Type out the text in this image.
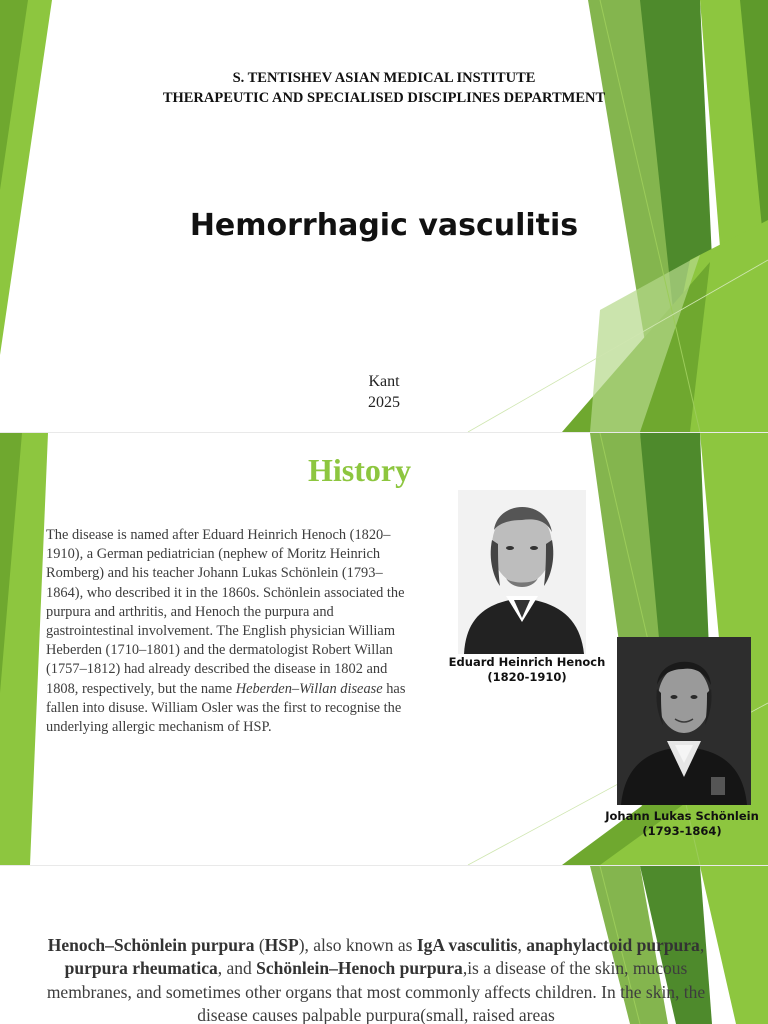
S. TENTISHEV ASIAN MEDICAL INSTITUTE
THERAPEUTIC AND SPECIALISED DISCIPLINES DEPARTMENT
Hemorrhagic vasculitis
Kant
2025
History
The disease is named after Eduard Heinrich Henoch (1820–1910), a German pediatrician (nephew of Moritz Heinrich Romberg) and his teacher Johann Lukas Schönlein (1793–1864), who described it in the 1860s. Schönlein associated the purpura and arthritis, and Henoch the purpura and gastrointestinal involvement. The English physician William Heberden (1710–1801) and the dermatologist Robert Willan (1757–1812) had already described the disease in 1802 and 1808, respectively, but the name Heberden–Willan disease has fallen into disuse. William Osler was the first to recognise the underlying allergic mechanism of HSP.
Eduard Heinrich Henoch
(1820-1910)
Johann Lukas Schönlein
(1793-1864)
Henoch–Schönlein purpura (HSP), also known as IgA vasculitis, anaphylactoid purpura, purpura rheumatica, and Schönlein–Henoch purpura,is a disease of the skin, mucous membranes, and sometimes other organs that most commonly affects children. In the skin, the disease causes palpable purpura(small, raised areas
